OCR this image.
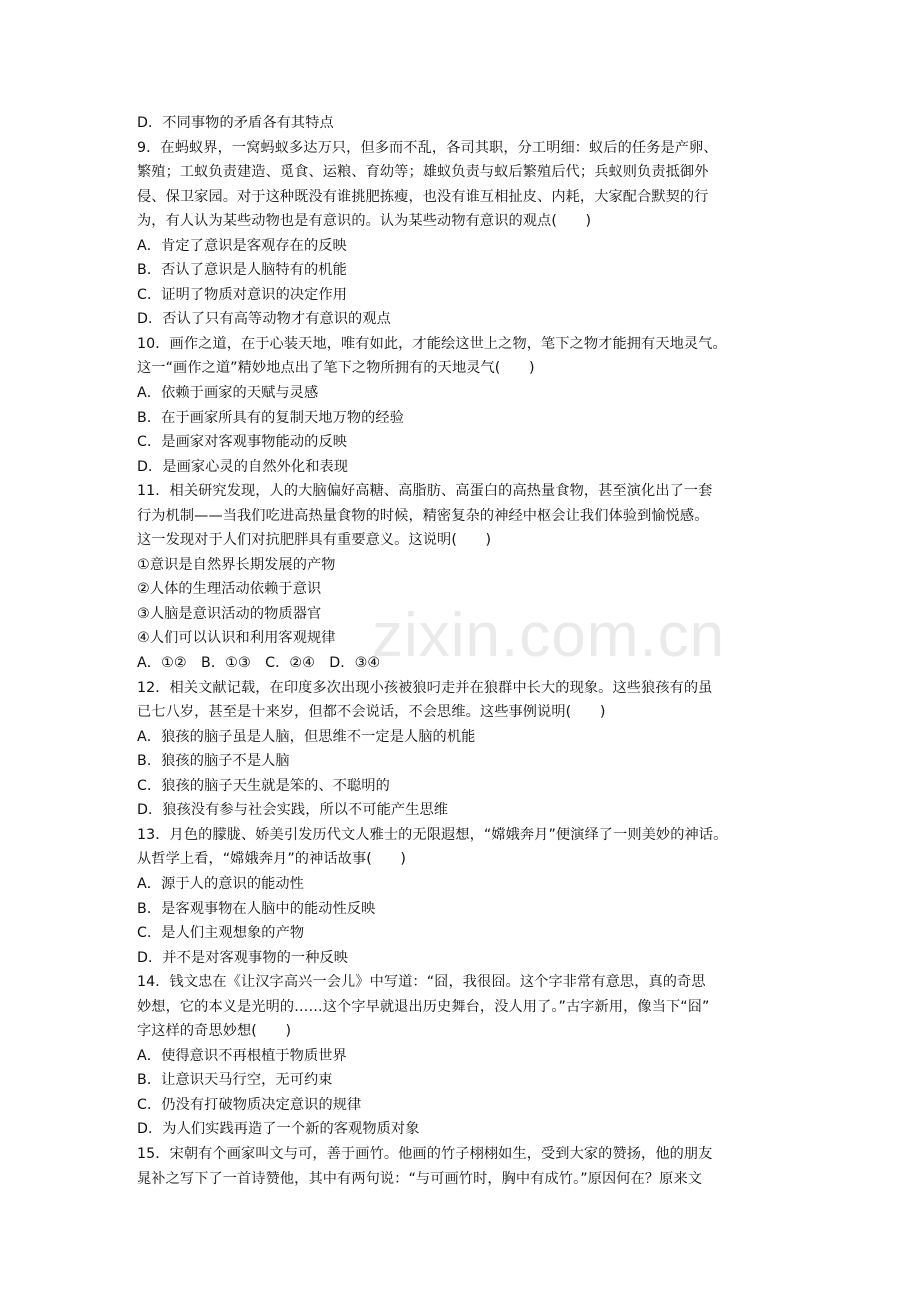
D．不同事物的矛盾各有其特点
9．在蚂蚁界，一窝蚂蚁多达万只，但多而不乱，各司其职，分工明细：蚁后的任务是产卵、
繁殖；工蚁负责建造、觅食、运粮、育幼等；雄蚁负责与蚁后繁殖后代；兵蚁则负责抵御外
侵、保卫家园。对于这种既没有谁挑肥拣瘦，也没有谁互相扯皮、内耗，大家配合默契的行
为，有人认为某些动物也是有意识的。认为某些动物有意识的观点(　　)
A．肯定了意识是客观存在的反映
B．否认了意识是人脑特有的机能
C．证明了物质对意识的决定作用
D．否认了只有高等动物才有意识的观点
10．画作之道，在于心装天地，唯有如此，才能绘这世上之物，笔下之物才能拥有天地灵气。
这一“画作之道”精妙地点出了笔下之物所拥有的天地灵气(　　)
A．依赖于画家的天赋与灵感
B．在于画家所具有的复制天地万物的经验
C．是画家对客观事物能动的反映
D．是画家心灵的自然外化和表现
11．相关研究发现，人的大脑偏好高糖、高脂肪、高蛋白的高热量食物，甚至演化出了一套
行为机制——当我们吃进高热量食物的时候，精密复杂的神经中枢会让我们体验到愉悦感。
这一发现对于人们对抗肥胖具有重要意义。这说明(　　)
①意识是自然界长期发展的产物
②人体的生理活动依赖于意识
③人脑是意识活动的物质器官
④人们可以认识和利用客观规律
A．①②　B．①③　C．②④　D．③④
12．相关文献记载，在印度多次出现小孩被狼叼走并在狼群中长大的现象。这些狼孩有的虽
已七八岁，甚至是十来岁，但都不会说话，不会思维。这些事例说明(　　)
A．狼孩的脑子虽是人脑，但思维不一定是人脑的机能
B．狼孩的脑子不是人脑
C．狼孩的脑子天生就是笨的、不聪明的
D．狼孩没有参与社会实践，所以不可能产生思维
13．月色的朦胧、娇美引发历代文人雅士的无限遐想，“嫦娥奔月”便演绎了一则美妙的神话。
从哲学上看，“嫦娥奔月”的神话故事(　　)
A．源于人的意识的能动性
B．是客观事物在人脑中的能动性反映
C．是人们主观想象的产物
D．并不是对客观事物的一种反映
14．钱文忠在《让汉字高兴一会儿》中写道：“囧，我很囧。这个字非常有意思，真的奇思
妙想，它的本义是光明的……这个字早就退出历史舞台，没人用了。”古字新用，像当下“囧”
字这样的奇思妙想(　　)
A．使得意识不再根植于物质世界
B．让意识天马行空，无可约束
C．仍没有打破物质决定意识的规律
D．为人们实践再造了一个新的客观物质对象
15．宋朝有个画家叫文与可，善于画竹。他画的竹子栩栩如生，受到大家的赞扬，他的朋友
晁补之写下了一首诗赞他，其中有两句说：“与可画竹时，胸中有成竹。”原因何在？原来文
zixin.com.cn
